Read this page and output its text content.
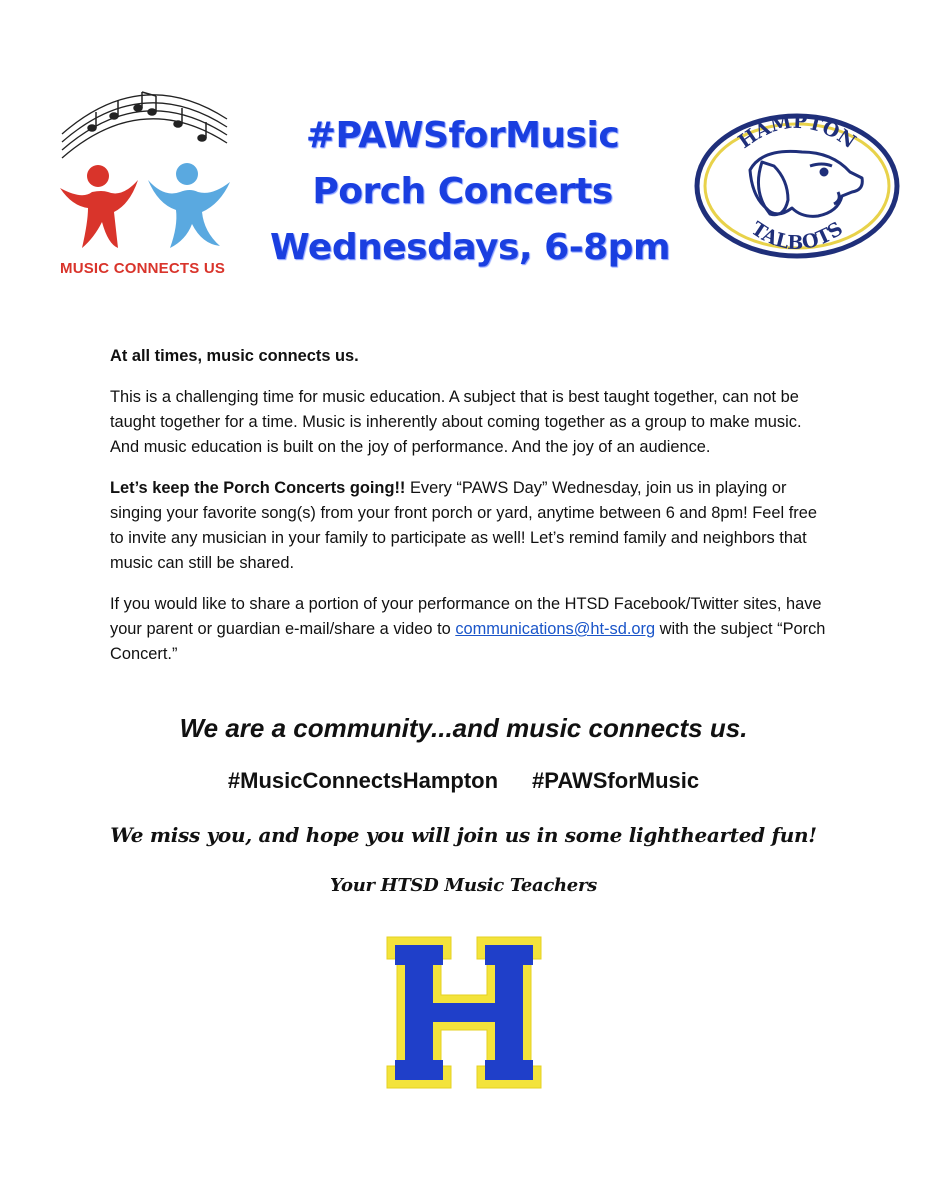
MUSIC CONNECTS US
#PAWSforMusic
Porch Concerts
Wednesdays, 6-8pm
HAMPTON
TALBOTS

At all times, music connects us.

This is a challenging time for music education. A subject that is best taught together, can not be taught together for a time. Music is inherently about coming together as a group to make music. And music education is built on the joy of performance. And the joy of an audience.

Let’s keep the Porch Concerts going!! Every “PAWS Day” Wednesday, join us in playing or singing your favorite song(s) from your front porch or yard, anytime between 6 and 8pm! Feel free to invite any musician in your family to participate as well! Let’s remind family and neighbors that music can still be shared.

If you would like to share a portion of your performance on the HTSD Facebook/Twitter sites, have your parent or guardian e-mail/share a video to communications@ht-sd.org with the subject “Porch Concert.”

We are a community...and music connects us.
#MusicConnectsHampton #PAWSforMusic
We miss you, and hope you will join us in some lighthearted fun!
Your HTSD Music Teachers
